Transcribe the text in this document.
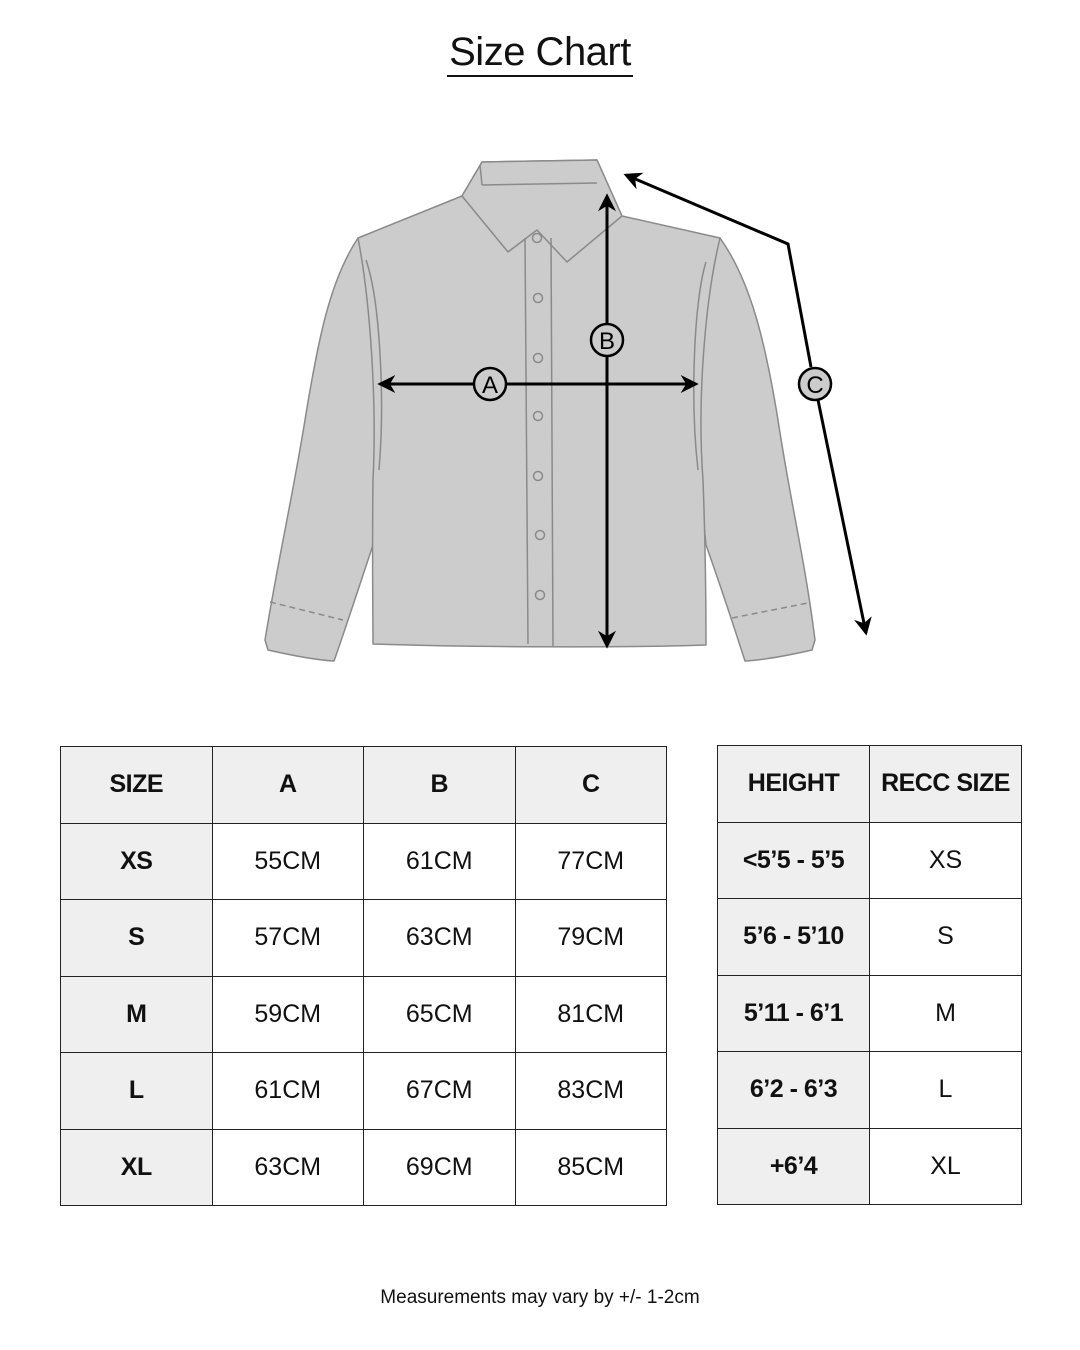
Size Chart
A
B
C
SIZE	A	B	C
XS	55CM	61CM	77CM
S	57CM	63CM	79CM
M	59CM	65CM	81CM
L	61CM	67CM	83CM
XL	63CM	69CM	85CM
HEIGHT	RECC SIZE
<5’5 - 5’5	XS
5’6 - 5’10	S
5’11 - 6’1	M
6’2 - 6’3	L
+6’4	XL
Measurements may vary by +/- 1-2cm
